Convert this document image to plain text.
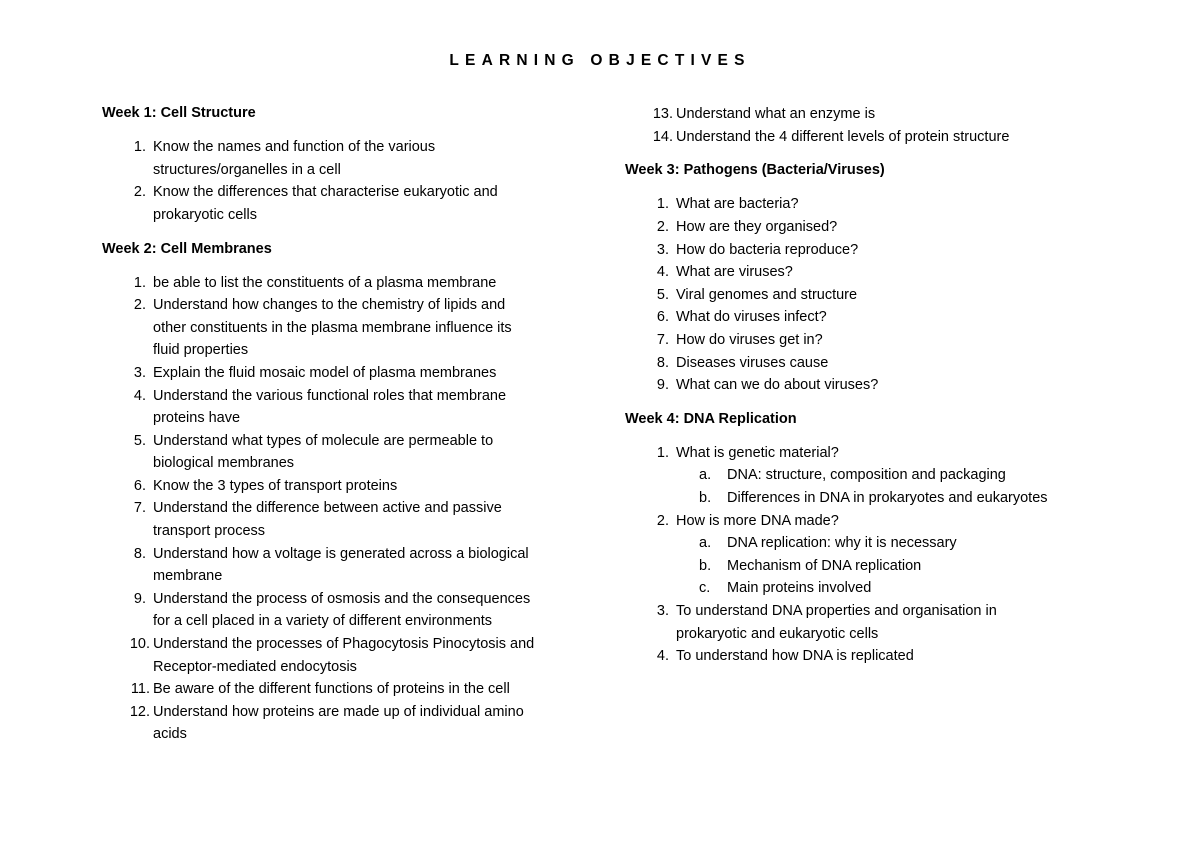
LEARNING OBJECTIVES
Week 1: Cell Structure
1. Know the names and function of the various
structures/organelles in a cell
2. Know the differences that characterise eukaryotic and
prokaryotic cells
Week 2: Cell Membranes
1. be able to list the constituents of a plasma membrane
2. Understand how changes to the chemistry of lipids and
other constituents in the plasma membrane influence its
fluid properties
3. Explain the fluid mosaic model of plasma membranes
4. Understand the various functional roles that membrane
proteins have
5. Understand what types of molecule are permeable to
biological membranes
6. Know the 3 types of transport proteins
7. Understand the difference between active and passive
transport process
8. Understand how a voltage is generated across a biological
membrane
9. Understand the process of osmosis and the consequences
for a cell placed in a variety of different environments
10. Understand the processes of Phagocytosis Pinocytosis and
Receptor-mediated endocytosis
11. Be aware of the different functions of proteins in the cell
12. Understand how proteins are made up of individual amino
acids
13. Understand what an enzyme is
14. Understand the 4 different levels of protein structure
Week 3: Pathogens (Bacteria/Viruses)
1. What are bacteria?
2. How are they organised?
3. How do bacteria reproduce?
4. What are viruses?
5. Viral genomes and structure
6. What do viruses infect?
7. How do viruses get in?
8. Diseases viruses cause
9. What can we do about viruses?
Week 4: DNA Replication
1. What is genetic material?
a.	DNA: structure, composition and packaging
b.	Differences in DNA in prokaryotes and eukaryotes
2. How is more DNA made?
a.	DNA replication: why it is necessary
b.	Mechanism of DNA replication
c.	Main proteins involved
3. To understand DNA properties and organisation in
prokaryotic and eukaryotic cells
4. To understand how DNA is replicated
